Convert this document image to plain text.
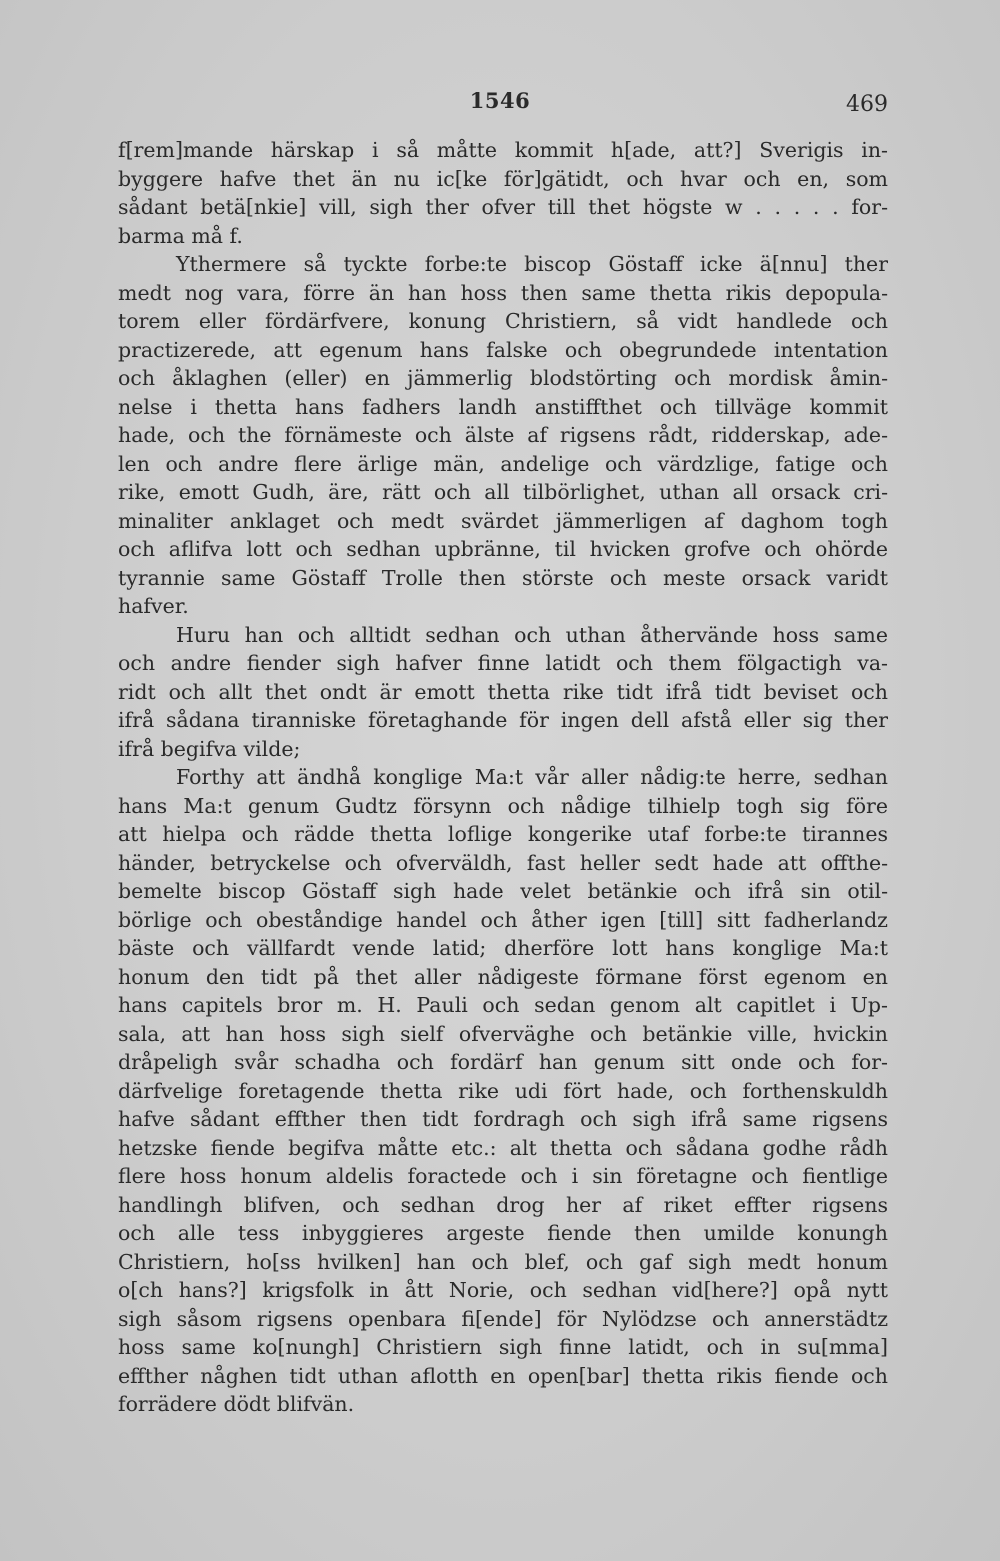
1546	469
f[rem]mande härskap i så måtte kommit h[ade, att?] Sverigis in-
byggere hafve thet än nu ic[ke för]gätidt, och hvar och en, som
sådant betä[nkie] vill, sigh ther ofver till thet högste w . . . . . for-
barma må f.
Ythermere så tyckte forbe:te biscop Göstaff icke ä[nnu] ther
medt nog vara, förre än han hoss then same thetta rikis depopula-
torem eller fördärfvere, konung Christiern, så vidt handlede och
practizerede, att egenum hans falske och obegrundede intentation
och åklaghen (eller) en jämmerlig blodstörting och mordisk åmin-
nelse i thetta hans fadhers landh anstiffthet och tillväge kommit
hade, och the förnämeste och älste af rigsens rådt, ridderskap, ade-
len och andre flere ärlige män, andelige och värdzlige, fatige och
rike, emott Gudh, äre, rätt och all tilbörlighet, uthan all orsack cri-
minaliter anklaget och medt svärdet jämmerligen af daghom togh
och aflifva lott och sedhan upbränne, til hvicken grofve och ohörde
tyrannie same Göstaff Trolle then störste och meste orsack varidt
hafver.
Huru han och alltidt sedhan och uthan åthervände hoss same
och andre fiender sigh hafver finne latidt och them fölgactigh va-
ridt och allt thet ondt är emott thetta rike tidt ifrå tidt beviset och
ifrå sådana tiranniske företaghande för ingen dell afstå eller sig ther
ifrå begifva vilde;
Forthy att ändhå konglige Ma:t vår aller nådig:te herre, sedhan
hans Ma:t genum Gudtz försynn och nådige tilhielp togh sig före
att hielpa och rädde thetta loflige kongerike utaf forbe:te tirannes
händer, betryckelse och ofverväldh, fast heller sedt hade att offthe-
bemelte biscop Göstaff sigh hade velet betänkie och ifrå sin otil-
börlige och obeståndige handel och åther igen [till] sitt fadherlandz
bäste och vällfardt vende latid; dherföre lott hans konglige Ma:t
honum den tidt på thet aller nådigeste förmane först egenom en
hans capitels bror m. H. Pauli och sedan genom alt capitlet i Up-
sala, att han hoss sigh sielf ofverväghe och betänkie ville, hvickin
dråpeligh svår schadha och fordärf han genum sitt onde och for-
därfvelige foretagende thetta rike udi fört hade, och forthenskuldh
hafve sådant effther then tidt fordragh och sigh ifrå same rigsens
hetzske fiende begifva måtte etc.: alt thetta och sådana godhe rådh
flere hoss honum aldelis foractede och i sin företagne och fientlige
handlingh blifven, och sedhan drog her af riket effter rigsens
och alle tess inbyggieres argeste fiende then umilde konungh
Christiern, ho[ss hvilken] han och blef, och gaf sigh medt honum
o[ch hans?] krigsfolk in ått Norie, och sedhan vid[here?] opå nytt
sigh såsom rigsens openbara fi[ende] för Nylödzse och annerstädtz
hoss same ko[nungh] Christiern sigh finne latidt, och in su[mma]
effther någhen tidt uthan aflotth en open[bar] thetta rikis fiende och
forrädere dödt blifvän.
